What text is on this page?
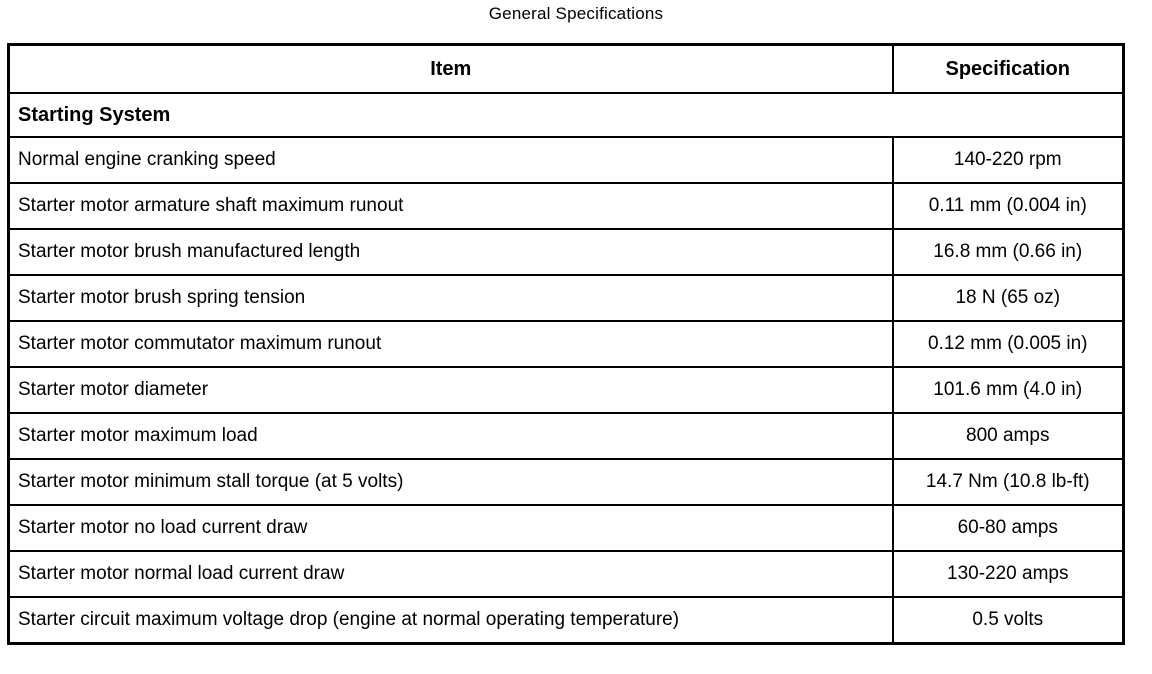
General Specifications
Item	Specification
Starting System	
Normal engine cranking speed	140-220 rpm
Starter motor armature shaft maximum runout	0.11 mm (0.004 in)
Starter motor brush manufactured length	16.8 mm (0.66 in)
Starter motor brush spring tension	18 N (65 oz)
Starter motor commutator maximum runout	0.12 mm (0.005 in)
Starter motor diameter	101.6 mm (4.0 in)
Starter motor maximum load	800 amps
Starter motor minimum stall torque (at 5 volts)	14.7 Nm (10.8 lb-ft)
Starter motor no load current draw	60-80 amps
Starter motor normal load current draw	130-220 amps
Starter circuit maximum voltage drop (engine at normal operating temperature)	0.5 volts
